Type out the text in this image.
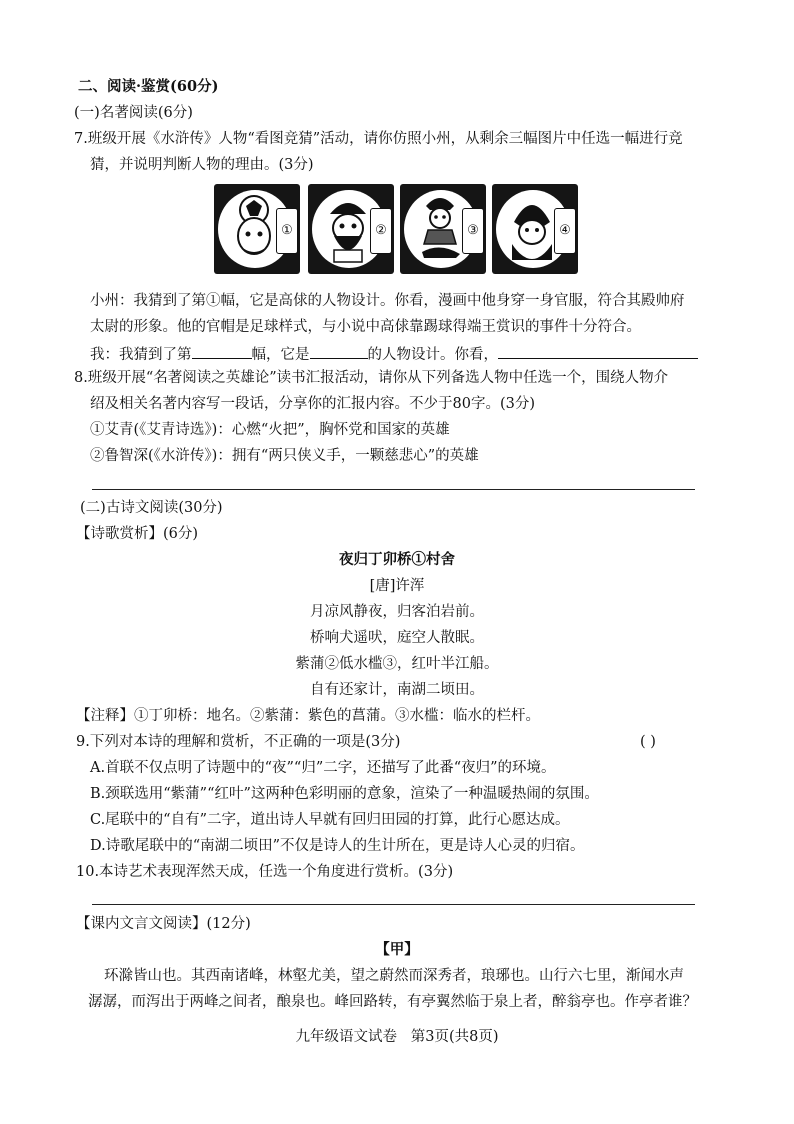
二、阅读·鉴赏(60分)
(一)名著阅读(6分)
7.班级开展《水浒传》人物“看图竞猜”活动，请你仿照小州，从剩余三幅图片中任选一幅进行竞
猜，并说明判断人物的理由。(3分)
①	②	③	④
小州：我猜到了第①幅，它是高俅的人物设计。你看，漫画中他身穿一身官服，符合其殿帅府
太尉的形象。他的官帽是足球样式，与小说中高俅靠踢球得端王赏识的事件十分符合。
我：我猜到了第	幅，它是	的人物设计。你看，
8.班级开展“名著阅读之英雄论”读书汇报活动，请你从下列备选人物中任选一个，围绕人物介
绍及相关名著内容写一段话，分享你的汇报内容。不少于80字。(3分)
①艾青(《艾青诗选》)：心燃“火把”，胸怀党和国家的英雄
②鲁智深(《水浒传》)：拥有“两只侠义手，一颗慈悲心”的英雄
(二)古诗文阅读(30分)
【诗歌赏析】(6分)
夜归丁卯桥①村舍
[唐]许浑
月凉风静夜，归客泊岩前。
桥响犬遥吠，庭空人散眠。
紫蒲②低水槛③，红叶半江船。
自有还家计，南湖二顷田。
【注释】①丁卯桥：地名。②紫蒲：紫色的菖蒲。③水槛：临水的栏杆。
9.下列对本诗的理解和赏析，不正确的一项是(3分)	( )
A.首联不仅点明了诗题中的“夜”“归”二字，还描写了此番“夜归”的环境。
B.颈联选用“紫蒲”“红叶”这两种色彩明丽的意象，渲染了一种温暖热闹的氛围。
C.尾联中的“自有”二字，道出诗人早就有回归田园的打算，此行心愿达成。
D.诗歌尾联中的“南湖二顷田”不仅是诗人的生计所在，更是诗人心灵的归宿。
10.本诗艺术表现浑然天成，任选一个角度进行赏析。(3分)
【课内文言文阅读】(12分)
【甲】
环滁皆山也。其西南诸峰，林壑尤美，望之蔚然而深秀者，琅琊也。山行六七里，渐闻水声
潺潺，而泻出于两峰之间者，酿泉也。峰回路转，有亭翼然临于泉上者，醉翁亭也。作亭者谁？
九年级语文试卷   第3页(共8页)
